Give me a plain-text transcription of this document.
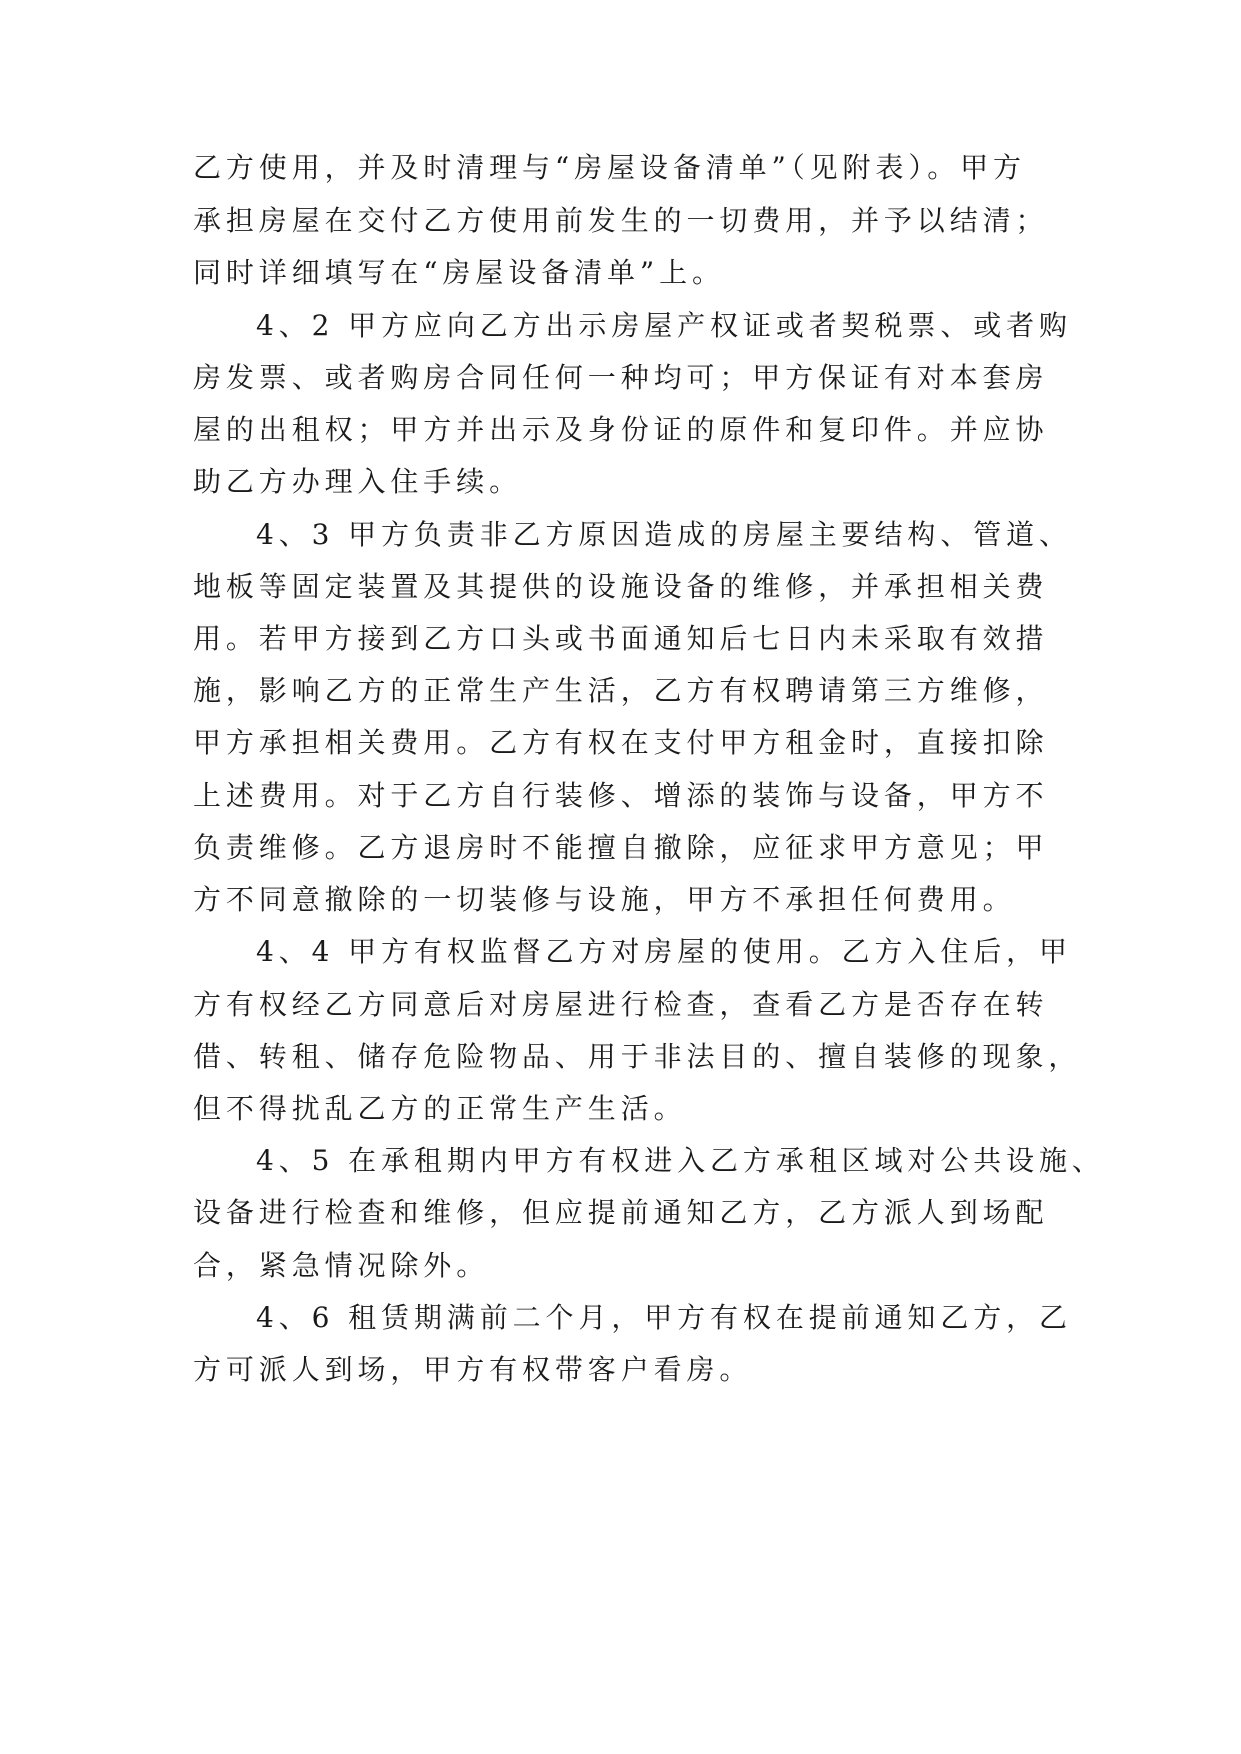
乙方使用，并及时清理与“房屋设备清单”（见附表）。甲方
承担房屋在交付乙方使用前发生的一切费用，并予以结清；
同时详细填写在“房屋设备清单”上。
4、2 甲方应向乙方出示房屋产权证或者契税票、或者购
房发票、或者购房合同任何一种均可；甲方保证有对本套房
屋的出租权；甲方并出示及身份证的原件和复印件。并应协
助乙方办理入住手续。
4、3 甲方负责非乙方原因造成的房屋主要结构、管道、
地板等固定装置及其提供的设施设备的维修，并承担相关费
用。若甲方接到乙方口头或书面通知后七日内未采取有效措
施，影响乙方的正常生产生活，乙方有权聘请第三方维修，
甲方承担相关费用。乙方有权在支付甲方租金时，直接扣除
上述费用。对于乙方自行装修、增添的装饰与设备，甲方不
负责维修。乙方退房时不能擅自撤除，应征求甲方意见；甲
方不同意撤除的一切装修与设施，甲方不承担任何费用。
4、4 甲方有权监督乙方对房屋的使用。乙方入住后，甲
方有权经乙方同意后对房屋进行检查，查看乙方是否存在转
借、转租、储存危险物品、用于非法目的、擅自装修的现象，
但不得扰乱乙方的正常生产生活。
4、5 在承租期内甲方有权进入乙方承租区域对公共设施、
设备进行检查和维修，但应提前通知乙方，乙方派人到场配
合，紧急情况除外。
4、6 租赁期满前二个月，甲方有权在提前通知乙方，乙
方可派人到场，甲方有权带客户看房。
